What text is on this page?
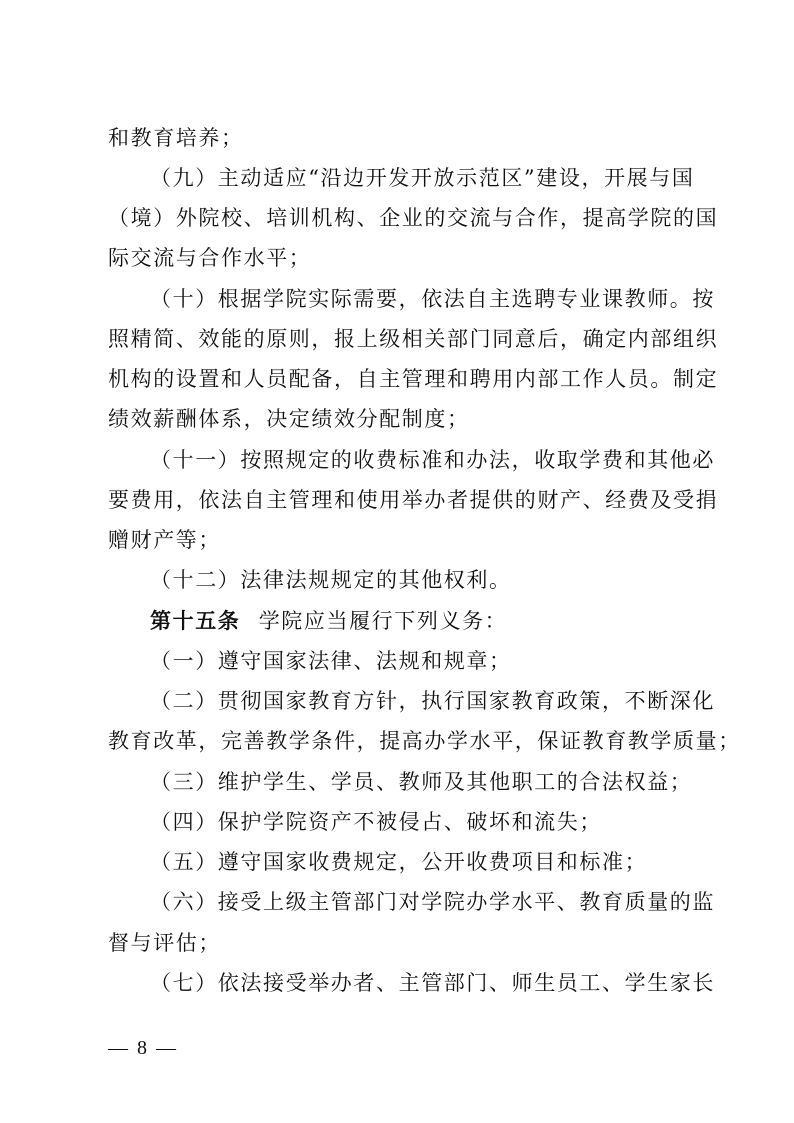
和教育培养；
（九）主动适应“沿边开发开放示范区”建设，开展与国
（境）外院校、培训机构、企业的交流与合作，提高学院的国
际交流与合作水平；
（十）根据学院实际需要，依法自主选聘专业课教师。按
照精简、效能的原则，报上级相关部门同意后，确定内部组织
机构的设置和人员配备，自主管理和聘用内部工作人员。制定
绩效薪酬体系，决定绩效分配制度；
（十一）按照规定的收费标准和办法，收取学费和其他必
要费用，依法自主管理和使用举办者提供的财产、经费及受捐
赠财产等；
（十二）法律法规规定的其他权利。
第十五条 学院应当履行下列义务：
（一）遵守国家法律、法规和规章；
（二）贯彻国家教育方针，执行国家教育政策，不断深化
教育改革，完善教学条件，提高办学水平，保证教育教学质量；
（三）维护学生、学员、教师及其他职工的合法权益；
（四）保护学院资产不被侵占、破坏和流失；
（五）遵守国家收费规定，公开收费项目和标准；
（六）接受上级主管部门对学院办学水平、教育质量的监
督与评估；
（七）依法接受举办者、主管部门、师生员工、学生家长
— 8 —
